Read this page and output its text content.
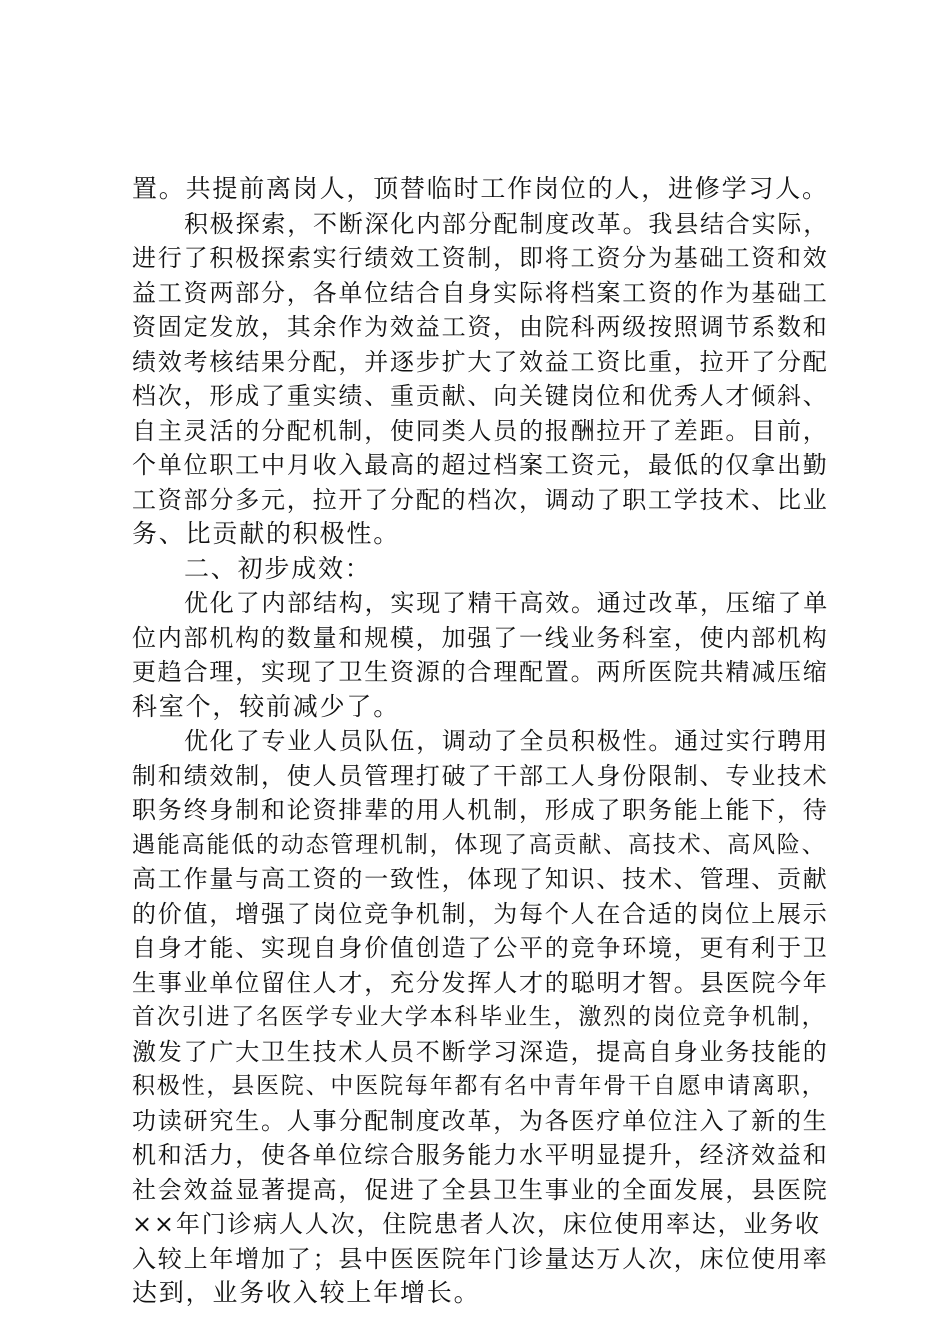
置。共提前离岗人，顶替临时工作岗位的人，进修学习人。
积极探索，不断深化内部分配制度改革。我县结合实际，
进行了积极探索实行绩效工资制，即将工资分为基础工资和效
益工资两部分，各单位结合自身实际将档案工资的作为基础工
资固定发放，其余作为效益工资，由院科两级按照调节系数和
绩效考核结果分配，并逐步扩大了效益工资比重，拉开了分配
档次，形成了重实绩、重贡献、向关键岗位和优秀人才倾斜、
自主灵活的分配机制，使同类人员的报酬拉开了差距。目前，
个单位职工中月收入最高的超过档案工资元，最低的仅拿出勤
工资部分多元，拉开了分配的档次，调动了职工学技术、比业
务、比贡献的积极性。
二、初步成效：
优化了内部结构，实现了精干高效。通过改革，压缩了单
位内部机构的数量和规模，加强了一线业务科室，使内部机构
更趋合理，实现了卫生资源的合理配置。两所医院共精减压缩
科室个，较前减少了。
优化了专业人员队伍，调动了全员积极性。通过实行聘用
制和绩效制，使人员管理打破了干部工人身份限制、专业技术
职务终身制和论资排辈的用人机制，形成了职务能上能下，待
遇能高能低的动态管理机制，体现了高贡献、高技术、高风险、
高工作量与高工资的一致性，体现了知识、技术、管理、贡献
的价值，增强了岗位竞争机制，为每个人在合适的岗位上展示
自身才能、实现自身价值创造了公平的竞争环境，更有利于卫
生事业单位留住人才，充分发挥人才的聪明才智。县医院今年
首次引进了名医学专业大学本科毕业生，激烈的岗位竞争机制，
激发了广大卫生技术人员不断学习深造，提高自身业务技能的
积极性，县医院、中医院每年都有名中青年骨干自愿申请离职，
功读研究生。人事分配制度改革，为各医疗单位注入了新的生
机和活力，使各单位综合服务能力水平明显提升，经济效益和
社会效益显著提高，促进了全县卫生事业的全面发展，县医院
××年门诊病人人次，住院患者人次，床位使用率达，业务收
入较上年增加了；县中医医院年门诊量达万人次，床位使用率
达到，业务收入较上年增长。
